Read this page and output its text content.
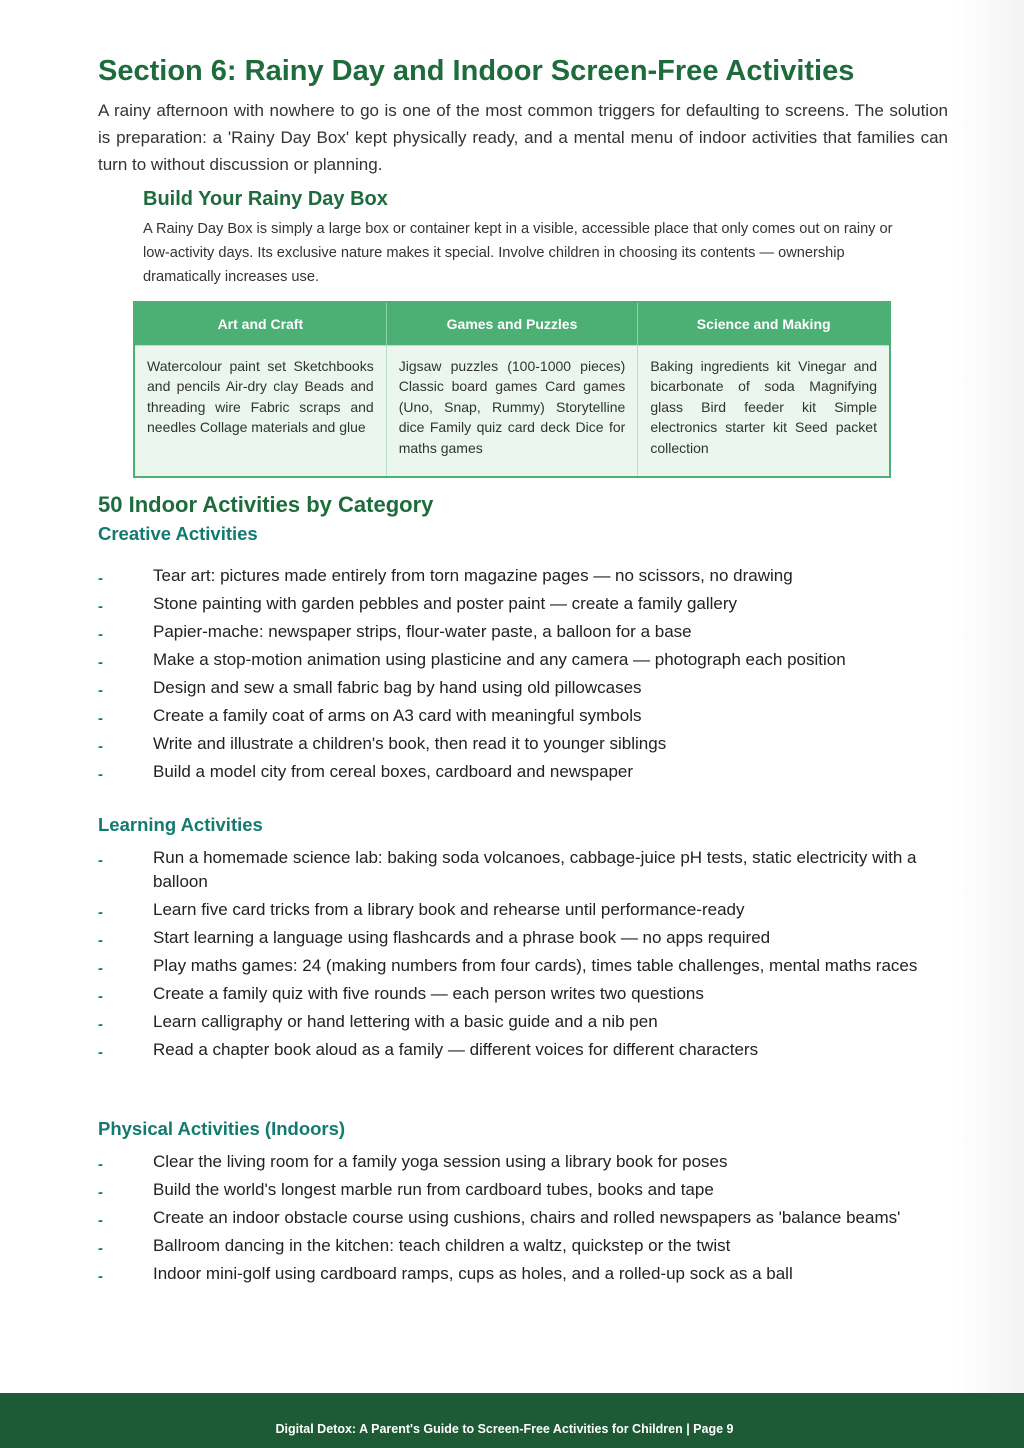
Section 6: Rainy Day and Indoor Screen-Free Activities

A rainy afternoon with nowhere to go is one of the most common triggers for defaulting to screens. The solution is preparation: a 'Rainy Day Box' kept physically ready, and a mental menu of indoor activities that families can turn to without discussion or planning.

Build Your Rainy Day Box

A Rainy Day Box is simply a large box or container kept in a visible, accessible place that only comes out on rainy or low-activity days. Its exclusive nature makes it special. Involve children in choosing its contents — ownership dramatically increases use.

Art and Craft	Games and Puzzles	Science and Making
Watercolour paint set Sketchbooks and pencils Air-dry clay Beads and threading wire Fabric scraps and needles Collage materials and glue	Jigsaw puzzles (100-1000 pieces) Classic board games Card games (Uno, Snap, Rummy) Storytelline dice Family quiz card deck Dice for maths games	Baking ingredients kit Vinegar and bicarbonate of soda Magnifying glass Bird feeder kit Simple electronics starter kit Seed packet collection
50 Indoor Activities by Category
Creative Activities
-	Tear art: pictures made entirely from torn magazine pages — no scissors, no drawing
-	Stone painting with garden pebbles and poster paint — create a family gallery
-	Papier-mache: newspaper strips, flour-water paste, a balloon for a base
-	Make a stop-motion animation using plasticine and any camera — photograph each position
-	Design and sew a small fabric bag by hand using old pillowcases
-	Create a family coat of arms on A3 card with meaningful symbols
-	Write and illustrate a children's book, then read it to younger siblings
-	Build a model city from cereal boxes, cardboard and newspaper
Learning Activities
-	Run a homemade science lab: baking soda volcanoes, cabbage-juice pH tests, static electricity with a balloon
-	Learn five card tricks from a library book and rehearse until performance-ready
-	Start learning a language using flashcards and a phrase book — no apps required
-	Play maths games: 24 (making numbers from four cards), times table challenges, mental maths races
-	Create a family quiz with five rounds — each person writes two questions
-	Learn calligraphy or hand lettering with a basic guide and a nib pen
-	Read a chapter book aloud as a family — different voices for different characters
Physical Activities (Indoors)
-	Clear the living room for a family yoga session using a library book for poses
-	Build the world's longest marble run from cardboard tubes, books and tape
-	Create an indoor obstacle course using cushions, chairs and rolled newspapers as 'balance beams'
-	Ballroom dancing in the kitchen: teach children a waltz, quickstep or the twist
-	Indoor mini-golf using cardboard ramps, cups as holes, and a rolled-up sock as a ball
Digital Detox: A Parent's Guide to Screen-Free Activities for Children | Page 9
